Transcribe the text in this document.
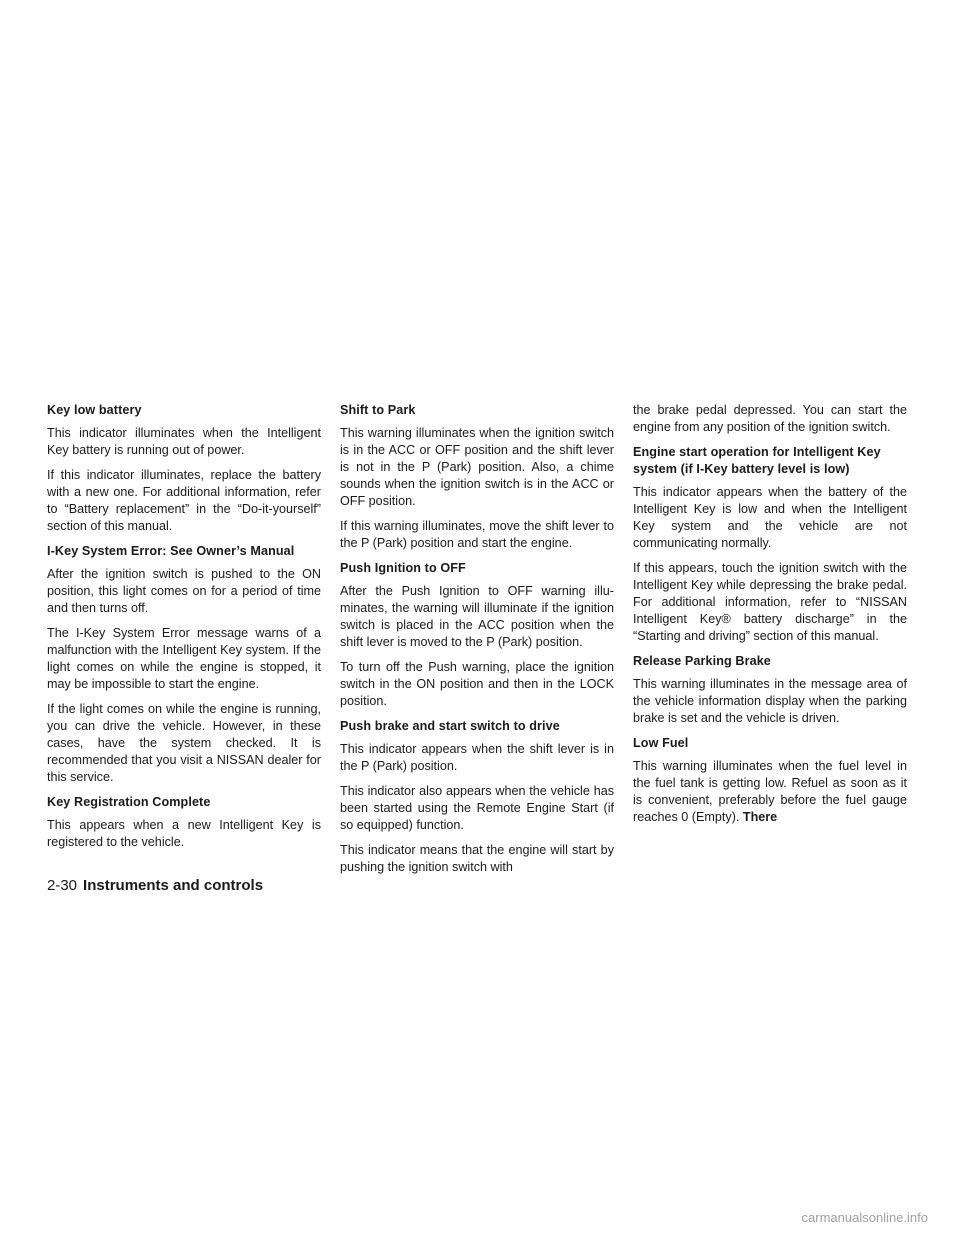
Key low battery
This indicator illuminates when the Intelligent Key battery is running out of power.
If this indicator illuminates, replace the battery with a new one. For additional information, refer to “Battery replacement” in the “Do-it-yourself” section of this manual.
I-Key System Error: See Owner’s Manual
After the ignition switch is pushed to the ON position, this light comes on for a period of time and then turns off.
The I-Key System Error message warns of a malfunction with the Intelligent Key system. If the light comes on while the engine is stopped, it may be impossible to start the engine.
If the light comes on while the engine is running, you can drive the vehicle. However, in these cases, have the system checked. It is recommended that you visit a NISSAN dealer for this service.
Key Registration Complete
This appears when a new Intelligent Key is registered to the vehicle.
Shift to Park
This warning illuminates when the ignition switch is in the ACC or OFF position and the shift lever is not in the P (Park) position. Also, a chime sounds when the ignition switch is in the ACC or OFF position.
If this warning illuminates, move the shift lever to the P (Park) position and start the engine.
Push Ignition to OFF
After the Push Ignition to OFF warning illuminates, the warning will illuminate if the ignition switch is placed in the ACC position when the shift lever is moved to the P (Park) position.
To turn off the Push warning, place the ignition switch in the ON position and then in the LOCK position.
Push brake and start switch to drive
This indicator appears when the shift lever is in the P (Park) position.
This indicator also appears when the vehicle has been started using the Remote Engine Start (if so equipped) function.
This indicator means that the engine will start by pushing the ignition switch with
the brake pedal depressed. You can start the engine from any position of the ignition switch.
Engine start operation for Intelligent Key system (if I-Key battery level is low)
This indicator appears when the battery of the Intelligent Key is low and when the Intelligent Key system and the vehicle are not communicating normally.
If this appears, touch the ignition switch with the Intelligent Key while depressing the brake pedal. For additional information, refer to “NISSAN Intelligent Key® battery discharge” in the “Starting and driving” section of this manual.
Release Parking Brake
This warning illuminates in the message area of the vehicle information display when the parking brake is set and the vehicle is driven.
Low Fuel
This warning illuminates when the fuel level in the fuel tank is getting low. Refuel as soon as it is convenient, preferably before the fuel gauge reaches 0 (Empty). There
2-30 Instruments and controls
carmanualsonline.info
